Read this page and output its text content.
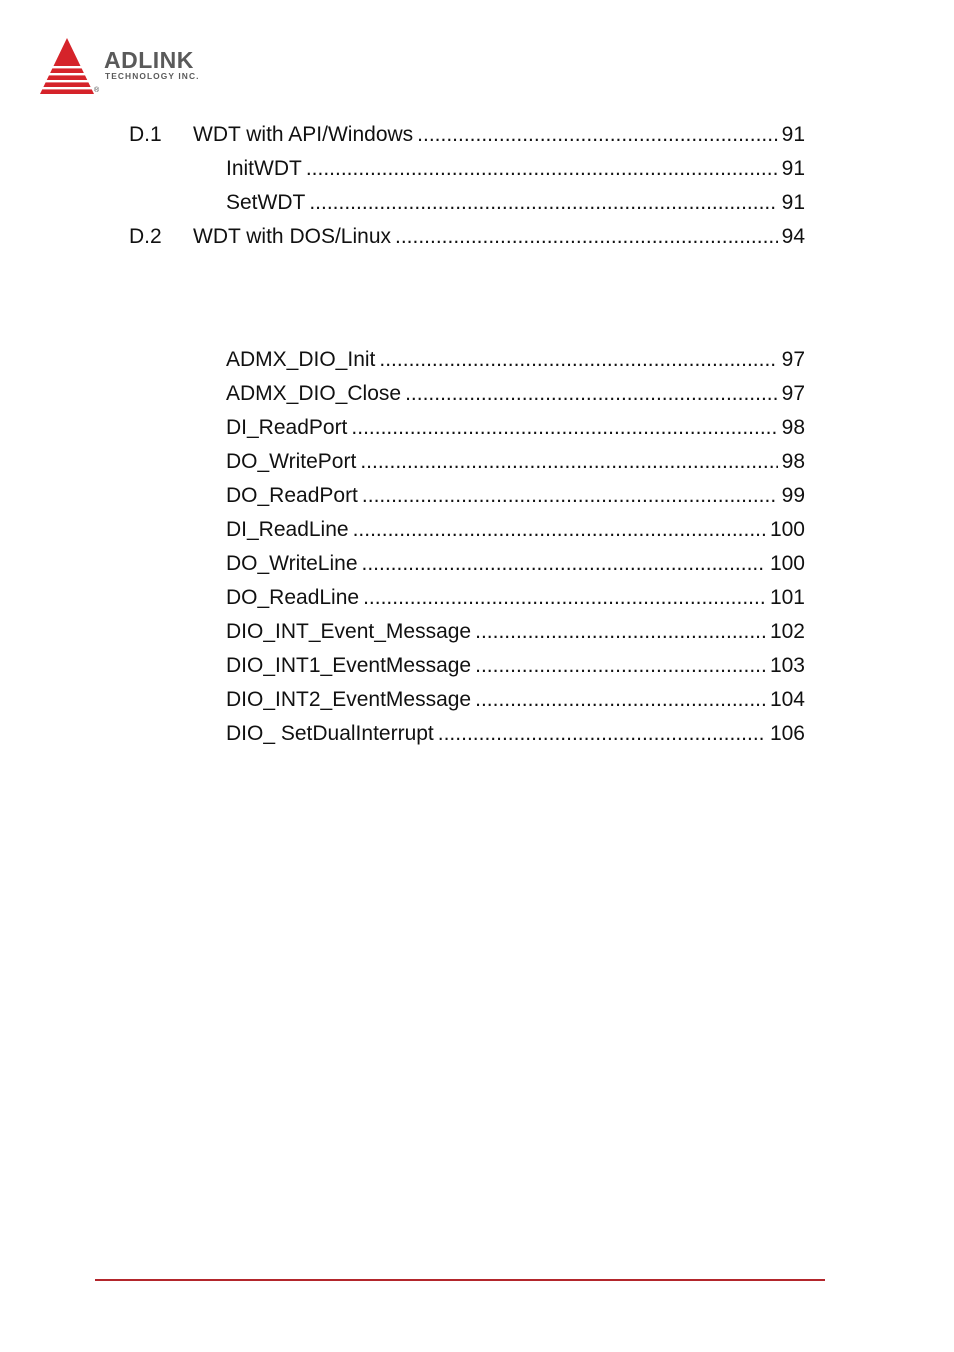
ADLINK
TECHNOLOGY INC.
®
D.1	WDT with API/Windows .....	91
InitWDT .....	91
SetWDT .....	91
D.2	WDT with DOS/Linux .....	94
ADMX_DIO_Init .....	97
ADMX_DIO_Close .....	97
DI_ReadPort .....	98
DO_WritePort .....	98
DO_ReadPort .....	99
DI_ReadLine .....	100
DO_WriteLine .....	100
DO_ReadLine .....	101
DIO_INT_Event_Message .....	102
DIO_INT1_EventMessage .....	103
DIO_INT2_EventMessage .....	104
DIO_ SetDualInterrupt .....	106
